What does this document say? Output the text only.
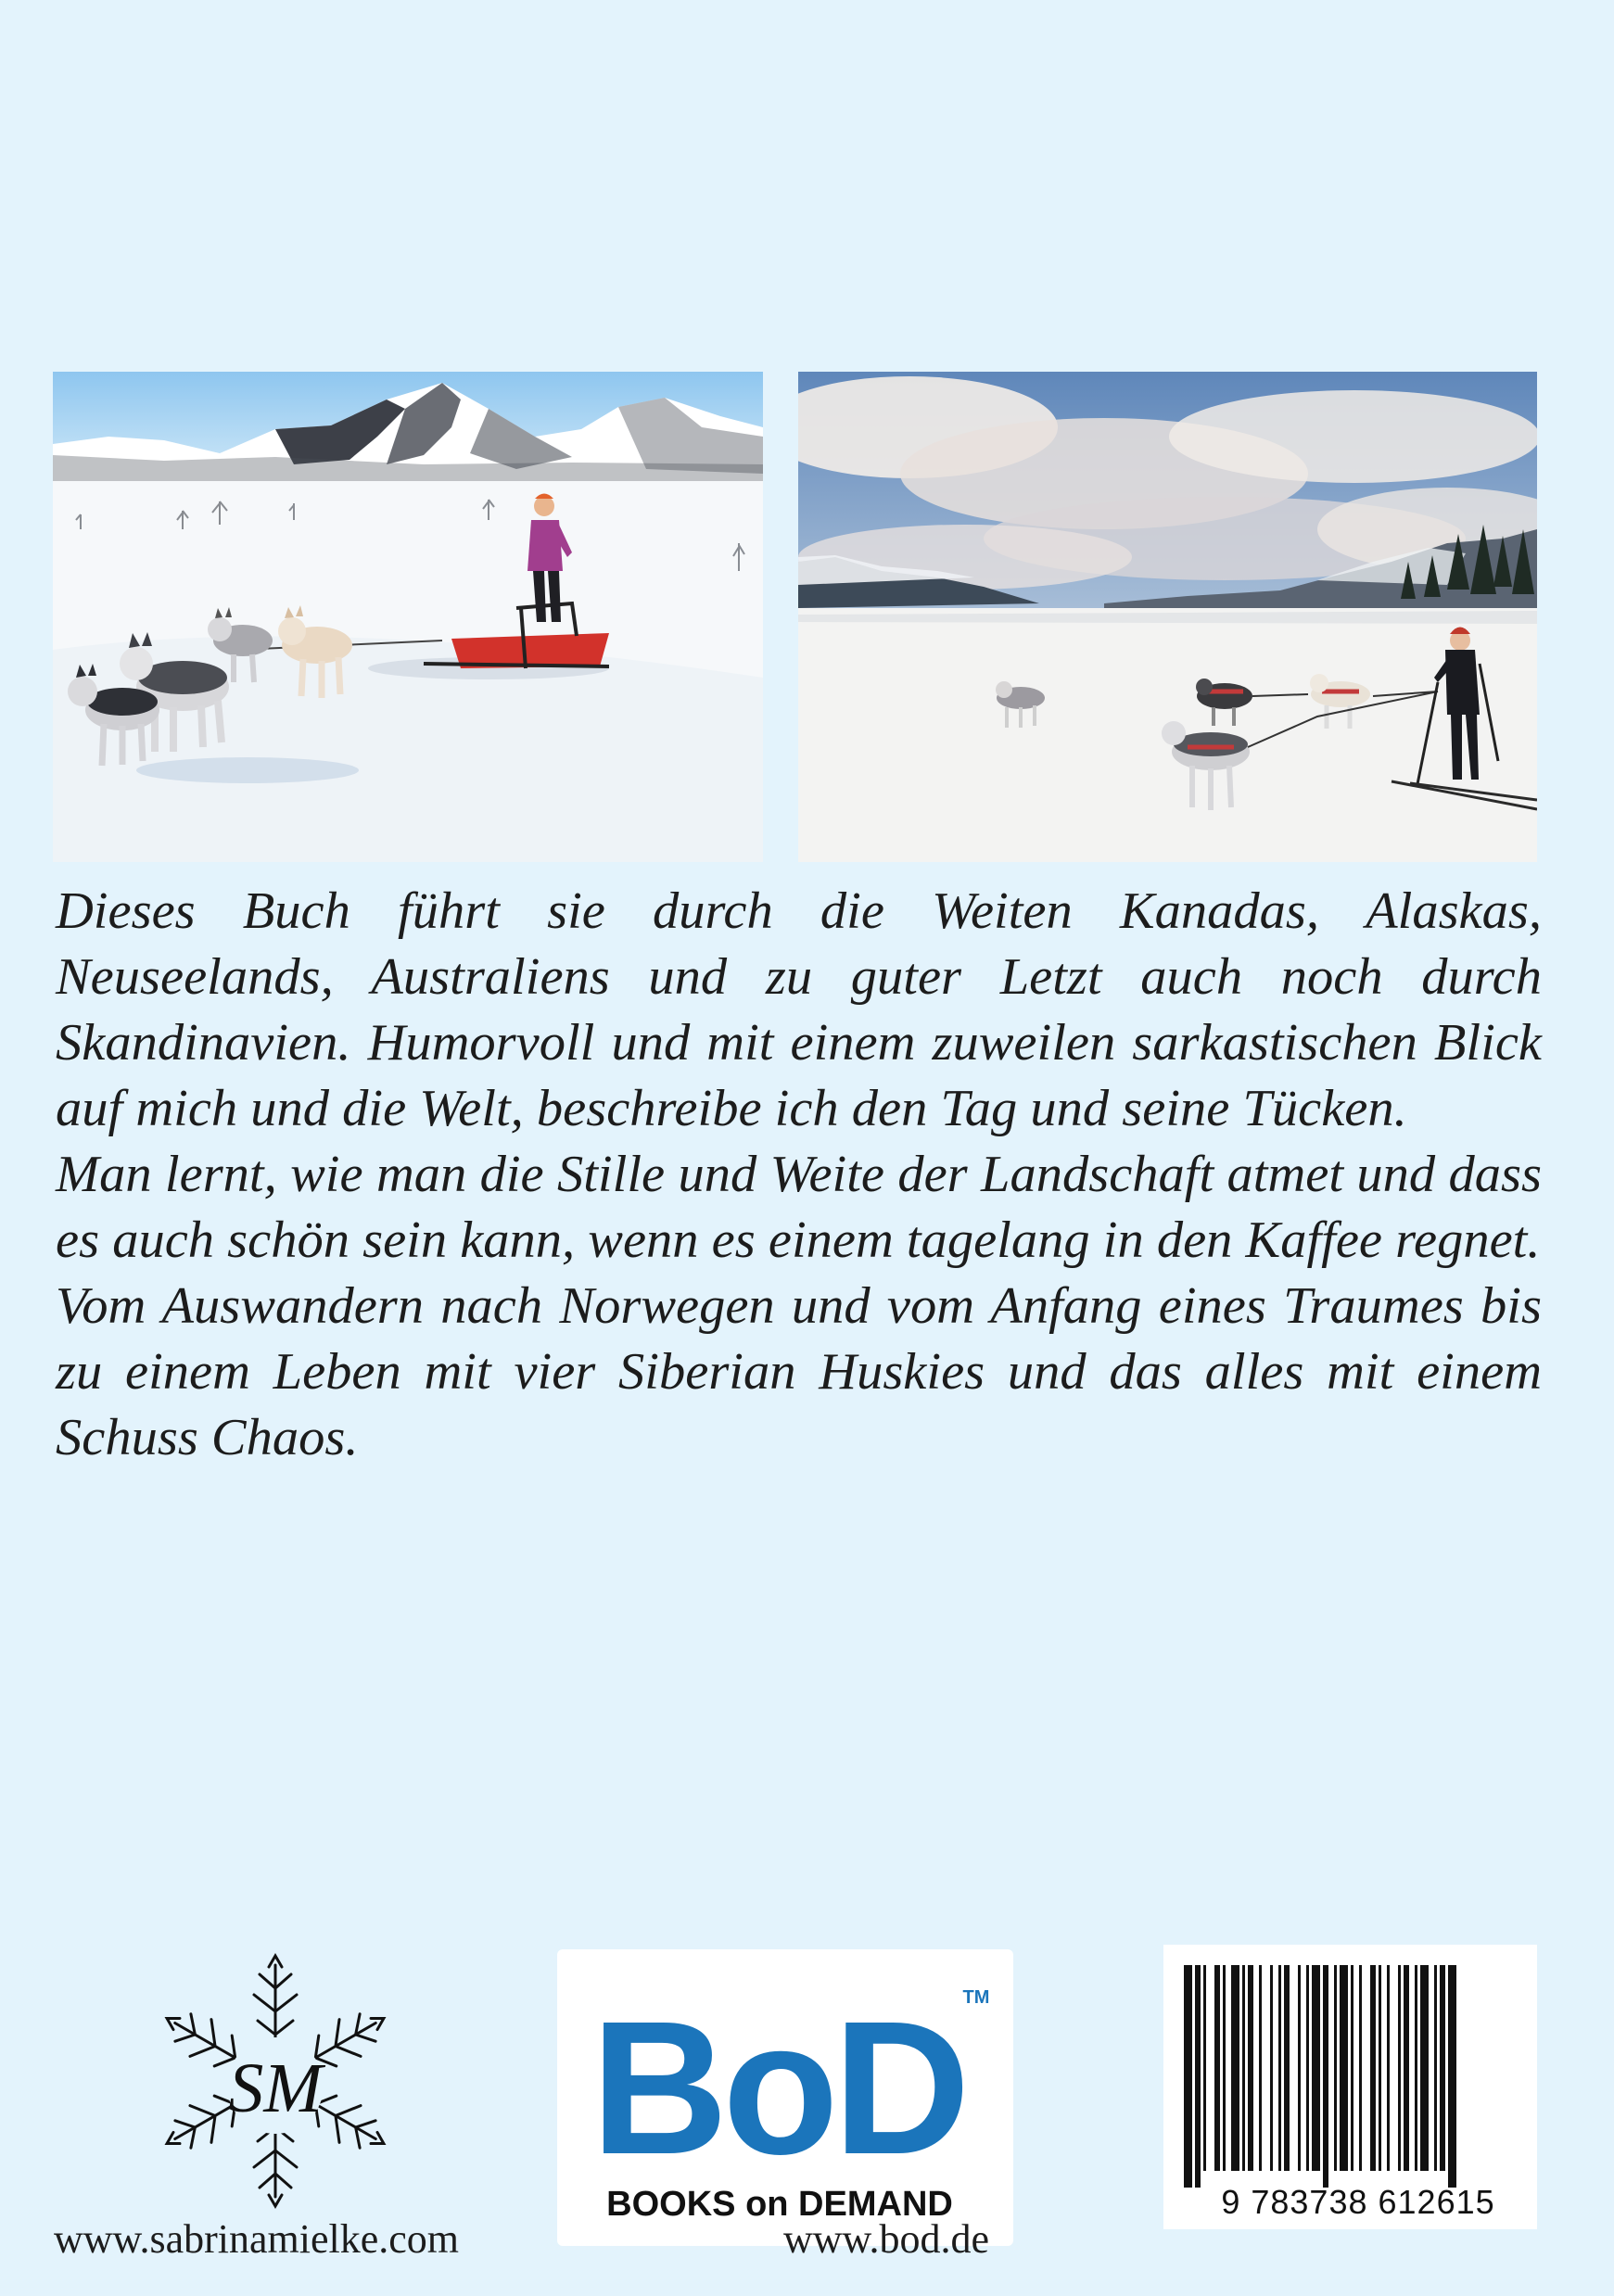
Dieses Buch führt sie durch die Weiten Kanadas, Alaskas, Neuseelands, Australiens und zu guter Letzt auch noch durch Skandinavien. Humorvoll und mit einem zuweilen sarkastischen Blick auf mich und die Welt, beschreibe ich den Tag und seine Tücken.

Man lernt, wie man die Stille und Weite der Landschaft atmet und dass es auch schön sein kann, wenn es einem tagelang in den Kaffee regnet.

Vom Auswandern nach Norwegen und vom Anfang eines Traumes bis zu einem Leben mit vier Siberian Huskies und das alles mit einem Schuss Chaos.

SM BoD
TM
BOOKS on DEMAND	9 783738 612615
www.sabrinamielke.com	www.bod.de
